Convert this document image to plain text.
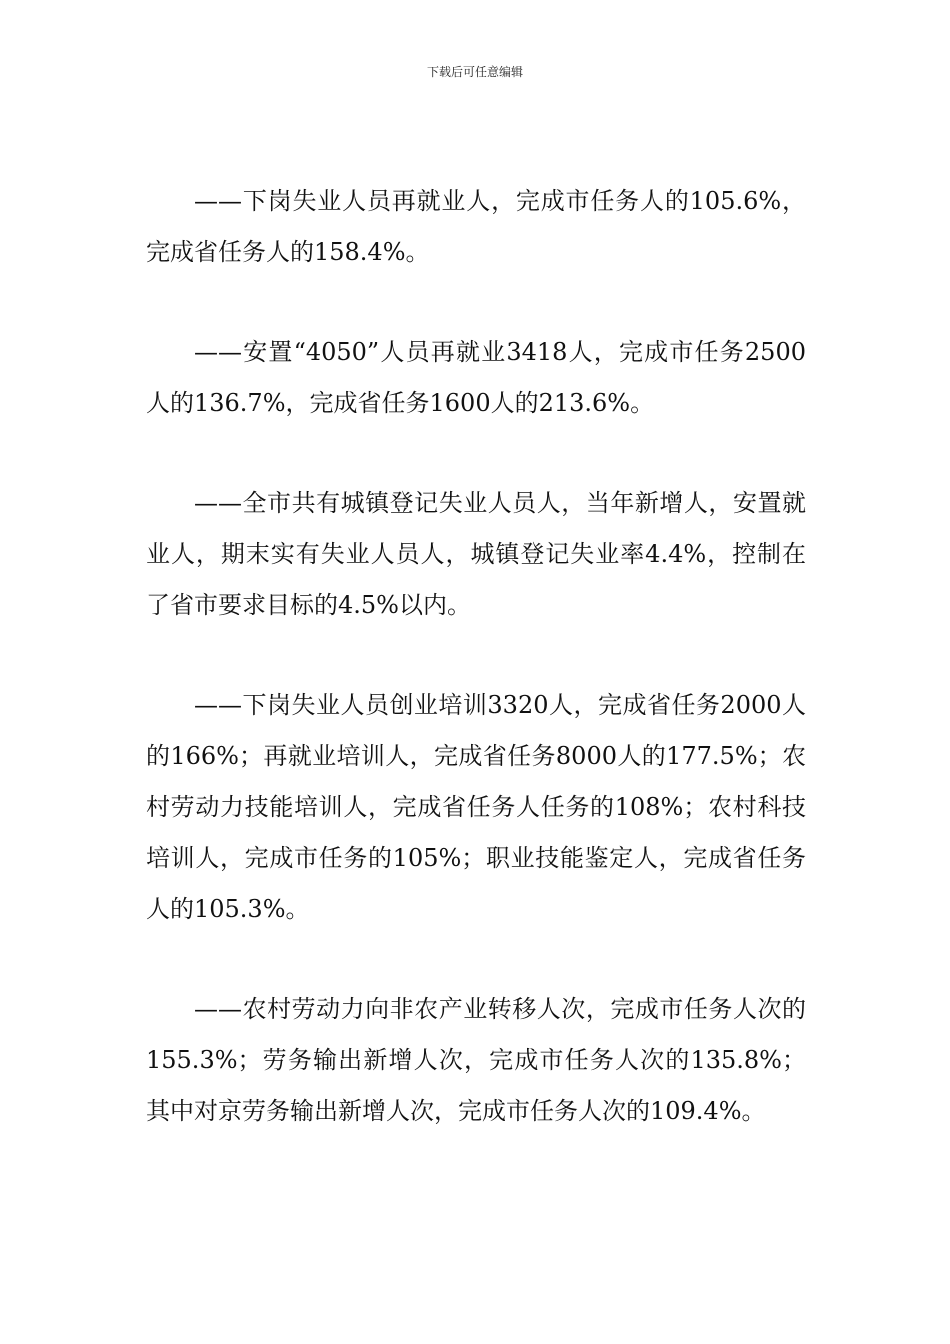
下载后可任意编辑

——下岗失业人员再就业人，完成市任务人的105.6%，完成省任务人的158.4%。

——安置“4050”人员再就业3418人，完成市任务2500人的136.7%，完成省任务1600人的213.6%。

——全市共有城镇登记失业人员人，当年新增人，安置就业人，期末实有失业人员人，城镇登记失业率4.4%，控制在了省市要求目标的4.5%以内。

——下岗失业人员创业培训3320人，完成省任务2000人的166%；再就业培训人，完成省任务8000人的177.5%；农村劳动力技能培训人，完成省任务人任务的108%；农村科技培训人，完成市任务的105%；职业技能鉴定人，完成省任务人的105.3%。

——农村劳动力向非农产业转移人次，完成市任务人次的155.3%；劳务输出新增人次，完成市任务人次的135.8%；其中对京劳务输出新增人次，完成市任务人次的109.4%。
